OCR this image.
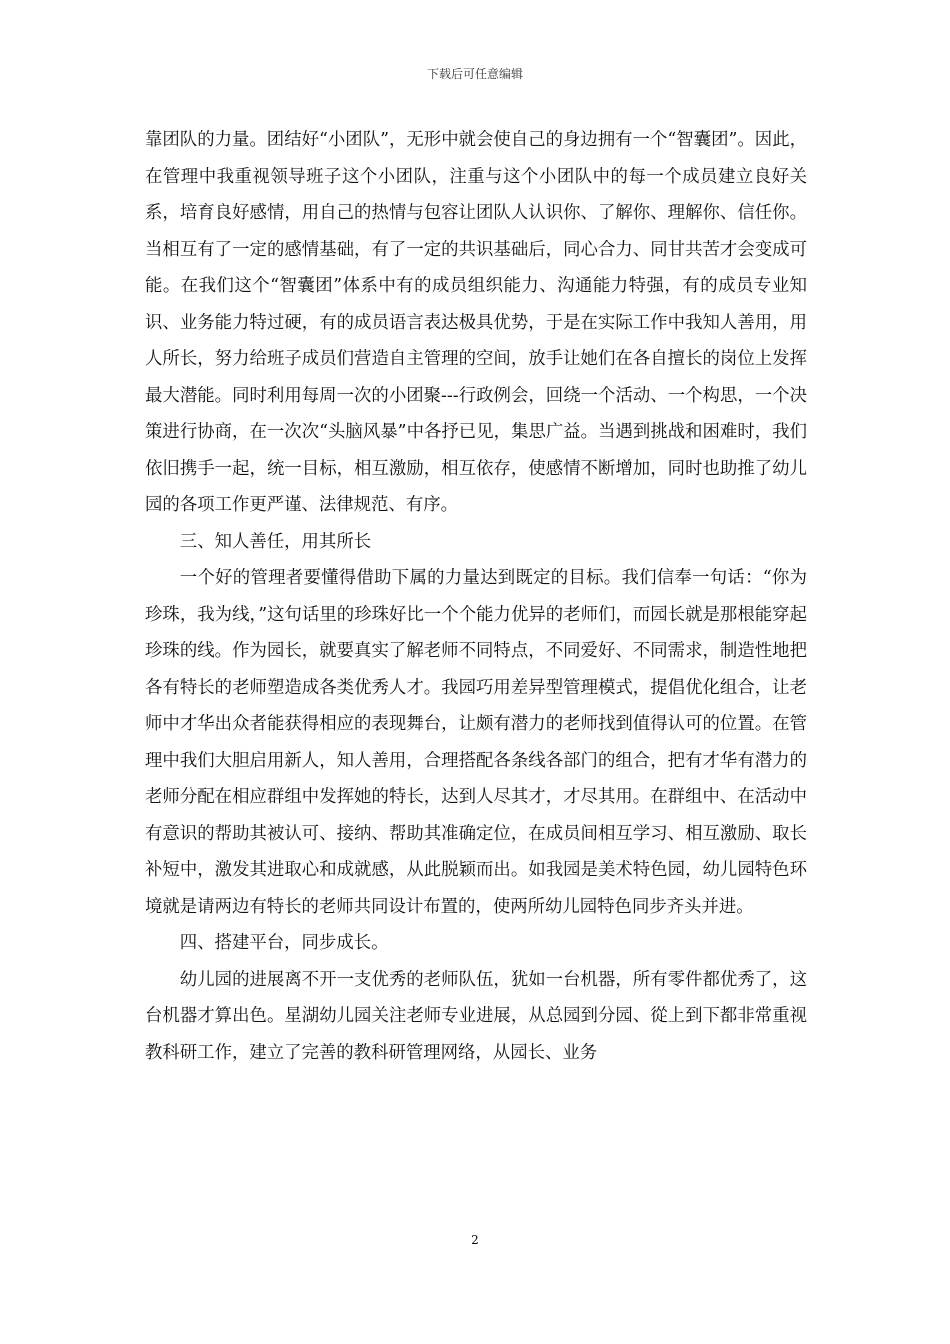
下载后可任意编辑

靠团队的力量。团结好“小团队”，无形中就会使自己的身边拥有一个“智囊团”。因此，在管理中我重视领导班子这个小团队，注重与这个小团队中的每一个成员建立良好关系，培育良好感情，用自己的热情与包容让团队人认识你、了解你、理解你、信任你。当相互有了一定的感情基础，有了一定的共识基础后，同心合力、同甘共苦才会变成可能。在我们这个“智囊团”体系中有的成员组织能力、沟通能力特强，有的成员专业知识、业务能力特过硬，有的成员语言表达极具优势，于是在实际工作中我知人善用，用人所长，努力给班子成员们营造自主管理的空间，放手让她们在各自擅长的岗位上发挥最大潜能。同时利用每周一次的小团聚---行政例会，回绕一个活动、一个构思，一个决策进行协商，在一次次“头脑风暴”中各抒已见，集思广益。当遇到挑战和困难时，我们依旧携手一起，统一目标，相互激励，相互依存，使感情不断增加，同时也助推了幼儿园的各项工作更严谨、法律规范、有序。

三、知人善任，用其所长

一个好的管理者要懂得借助下属的力量达到既定的目标。我们信奉一句话：“你为珍珠，我为线，”这句话里的珍珠好比一个个能力优异的老师们，而园长就是那根能穿起珍珠的线。作为园长，就要真实了解老师不同特点，不同爱好、不同需求，制造性地把各有特长的老师塑造成各类优秀人才。我园巧用差异型管理模式，提倡优化组合，让老师中才华出众者能获得相应的表现舞台，让颇有潜力的老师找到值得认可的位置。在管理中我们大胆启用新人，知人善用，合理搭配各条线各部门的组合，把有才华有潜力的老师分配在相应群组中发挥她的特长，达到人尽其才，才尽其用。在群组中、在活动中有意识的帮助其被认可、接纳、帮助其准确定位，在成员间相互学习、相互激励、取长补短中，激发其进取心和成就感，从此脱颖而出。如我园是美术特色园，幼儿园特色环境就是请两边有特长的老师共同设计布置的，使两所幼儿园特色同步齐头并进。

四、搭建平台，同步成长。

幼儿园的进展离不开一支优秀的老师队伍，犹如一台机器，所有零件都优秀了，这台机器才算出色。星湖幼儿园关注老师专业进展，从总园到分园、從上到下都非常重视教科研工作，建立了完善的教科研管理网络，从园长、业务

2
